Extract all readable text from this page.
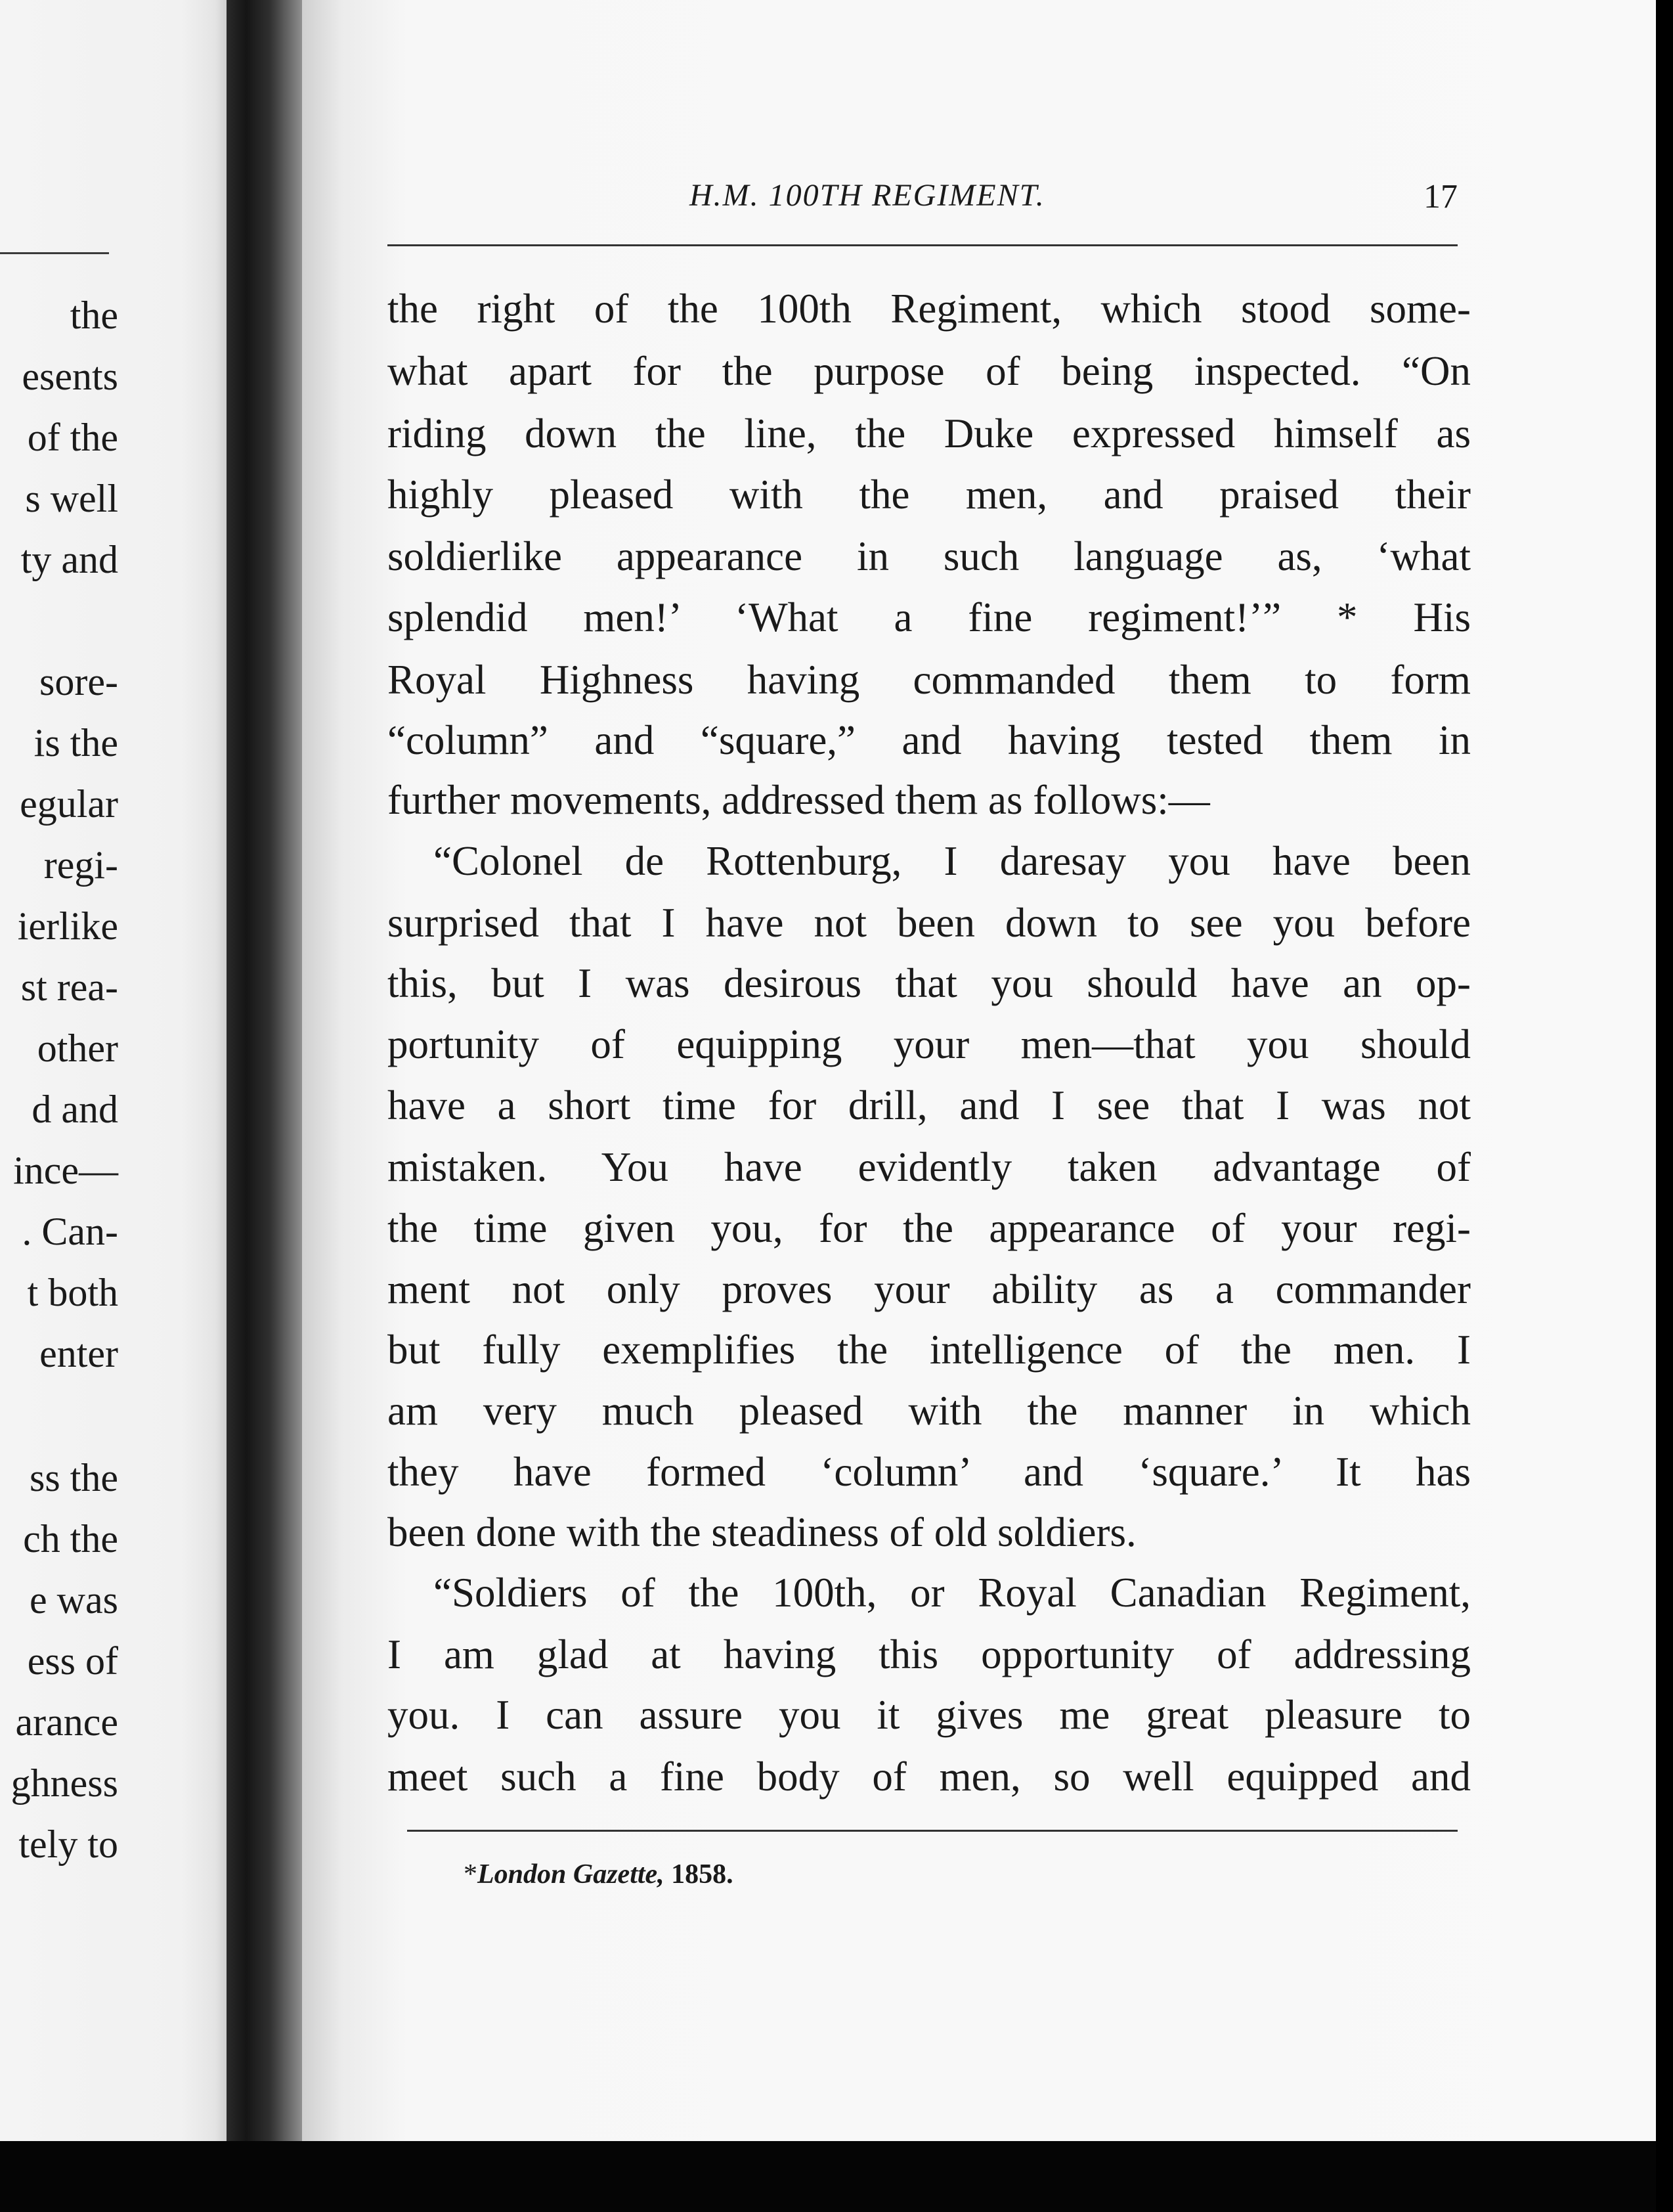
the
esents
of the
s well
ty and
sore-
is the
egular
regi-
ierlike
st rea-
other
d and
ince—
. Can-
t both
enter
ss the
ch the
e was
ess of
arance
ghness
tely to
H.M. 100TH REGIMENT.	17
the right of the 100th Regiment, which stood some-
what apart for the purpose of being inspected. “On
riding down the line, the Duke expressed himself as
highly pleased with the men, and praised their
soldierlike appearance in such language as, ‘what
splendid men!’ ‘What a fine regiment!’” * His
Royal Highness having commanded them to form
“column” and “square,” and having tested them in
further movements, addressed them as follows:—
“Colonel de Rottenburg, I daresay you have been
surprised that I have not been down to see you before
this, but I was desirous that you should have an op-
portunity of equipping your men—that you should
have a short time for drill, and I see that I was not
mistaken. You have evidently taken advantage of
the time given you, for the appearance of your regi-
ment not only proves your ability as a commander
but fully exemplifies the intelligence of the men. I
am very much pleased with the manner in which
they have formed ‘column’ and ‘square.’ It has
been done with the steadiness of old soldiers.
“Soldiers of the 100th, or Royal Canadian Regiment,
I am glad at having this opportunity of addressing
you. I can assure you it gives me great pleasure to
meet such a fine body of men, so well equipped and
*London Gazette, 1858.
